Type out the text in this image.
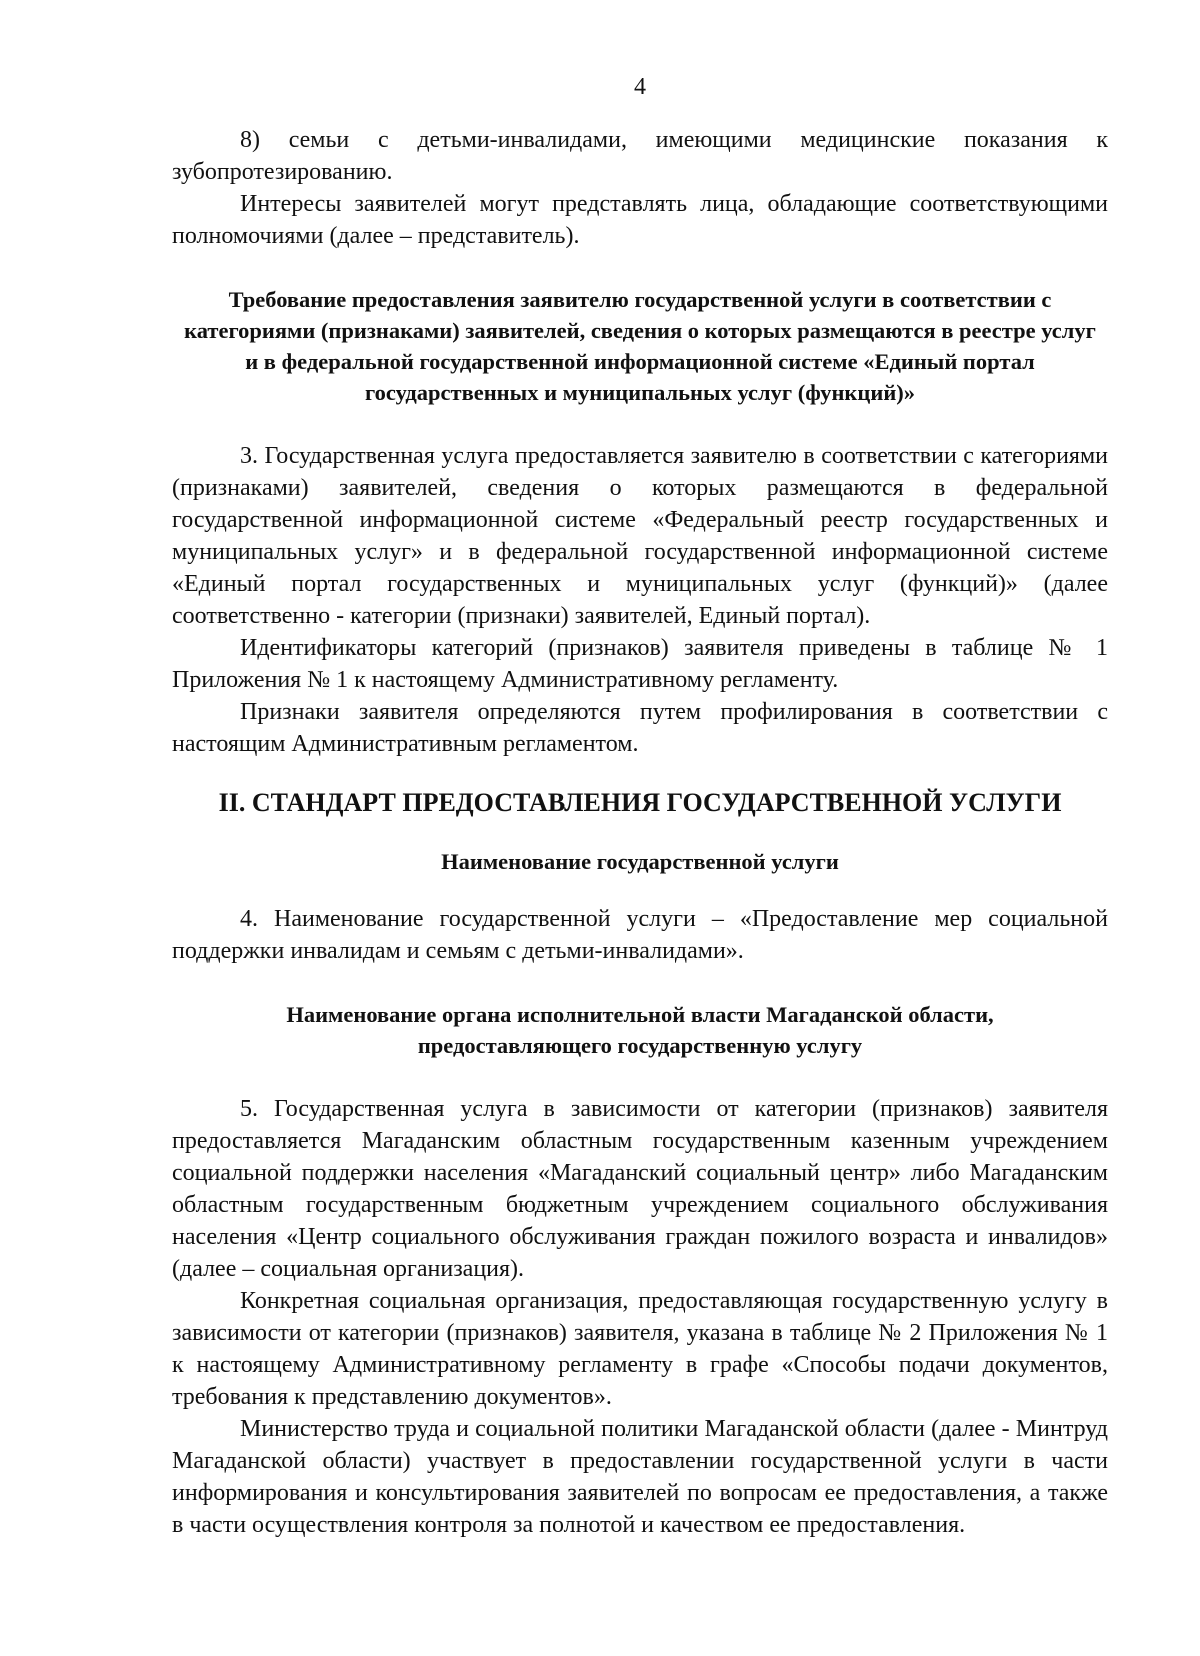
4

8) семьи с детьми-инвалидами, имеющими медицинские показания к зубопротезированию.

Интересы заявителей могут представлять лица, обладающие соответствующими полномочиями (далее – представитель).

Требование предоставления заявителю государственной услуги в соответствии с категориями (признаками) заявителей, сведения о которых размещаются в реестре услуг и в федеральной государственной информационной системе «Единый портал государственных и муниципальных услуг (функций)»

3. Государственная услуга предоставляется заявителю в соответствии с категориями (признаками) заявителей, сведения о которых размещаются в федеральной государственной информационной системе «Федеральный реестр государственных и муниципальных услуг» и в федеральной государственной информационной системе «Единый портал государственных и муниципальных услуг (функций)» (далее соответственно - категории (признаки) заявителей, Единый портал).

Идентификаторы категорий (признаков) заявителя приведены в таблице № 1 Приложения № 1 к настоящему Административному регламенту.

Признаки заявителя определяются путем профилирования в соответствии с настоящим Административным регламентом.

II. СТАНДАРТ ПРЕДОСТАВЛЕНИЯ ГОСУДАРСТВЕННОЙ УСЛУГИ

Наименование государственной услуги

4. Наименование государственной услуги – «Предоставление мер социальной поддержки инвалидам и семьям с детьми-инвалидами».

Наименование органа исполнительной власти Магаданской области, предоставляющего государственную услугу

5. Государственная услуга в зависимости от категории (признаков) заявителя предоставляется Магаданским областным государственным казенным учреждением социальной поддержки населения «Магаданский социальный центр» либо Магаданским областным государственным бюджетным учреждением социального обслуживания населения «Центр социального обслуживания граждан пожилого возраста и инвалидов» (далее – социальная организация).

Конкретная социальная организация, предоставляющая государственную услугу в зависимости от категории (признаков) заявителя, указана в таблице № 2 Приложения № 1 к настоящему Административному регламенту в графе «Способы подачи документов, требования к представлению документов».

Министерство труда и социальной политики Магаданской области (далее - Минтруд Магаданской области) участвует в предоставлении государственной услуги в части информирования и консультирования заявителей по вопросам ее предоставления, а также в части осуществления контроля за полнотой и качеством ее предоставления.
